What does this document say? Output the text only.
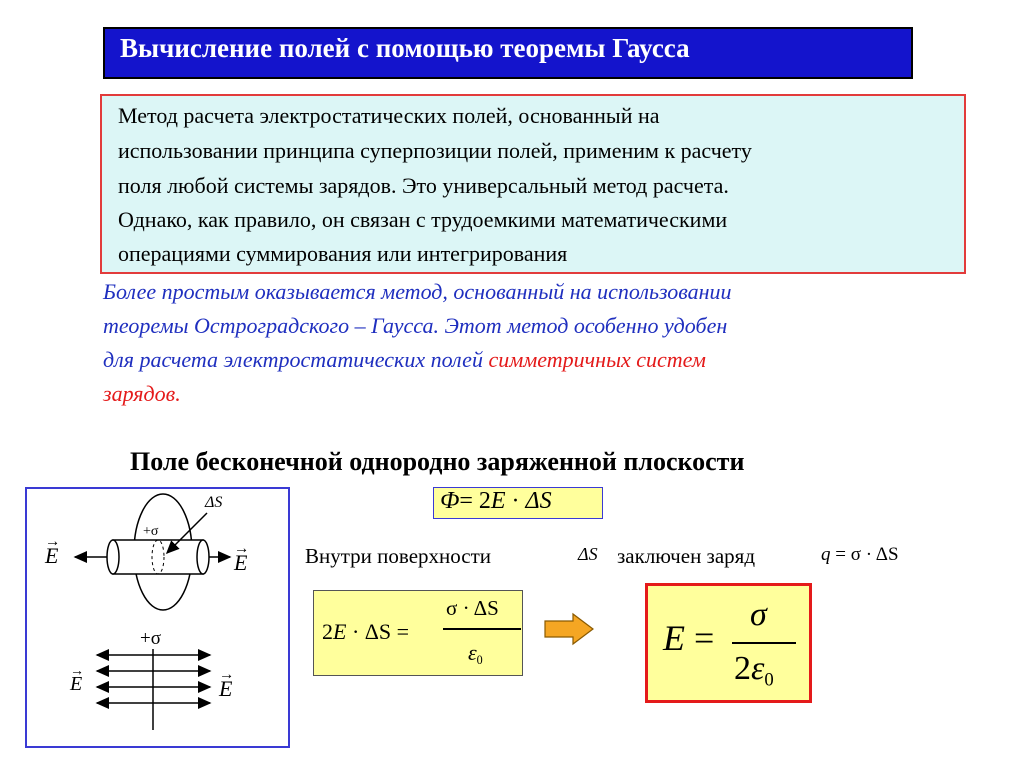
Вычисление полей с помощью теоремы Гаусса
Метод расчета электростатических полей, основанный на
использовании принципа суперпозиции полей, применим к расчету
поля любой системы зарядов. Это универсальный метод расчета.
Однако, как правило, он связан с трудоемкими математическими
операциями суммирования или интегрирования
Более простым оказывается метод, основанный на использовании
теоремы Остроградского – Гаусса. Этот метод особенно удобен
для расчета электростатических полей симметричных систем
зарядов.
Поле бесконечной однородно заряженной плоскости
ΔS
+σ
→ E	→ E
+σ
→ E	→ E
Ф= 2E · ΔS
Внутри поверхности	ΔS заключен заряд	q = σ · ΔS
2E · ΔS =
σ · ΔS
$\varepsilon_0$
E =
σ
$2\varepsilon_0$
